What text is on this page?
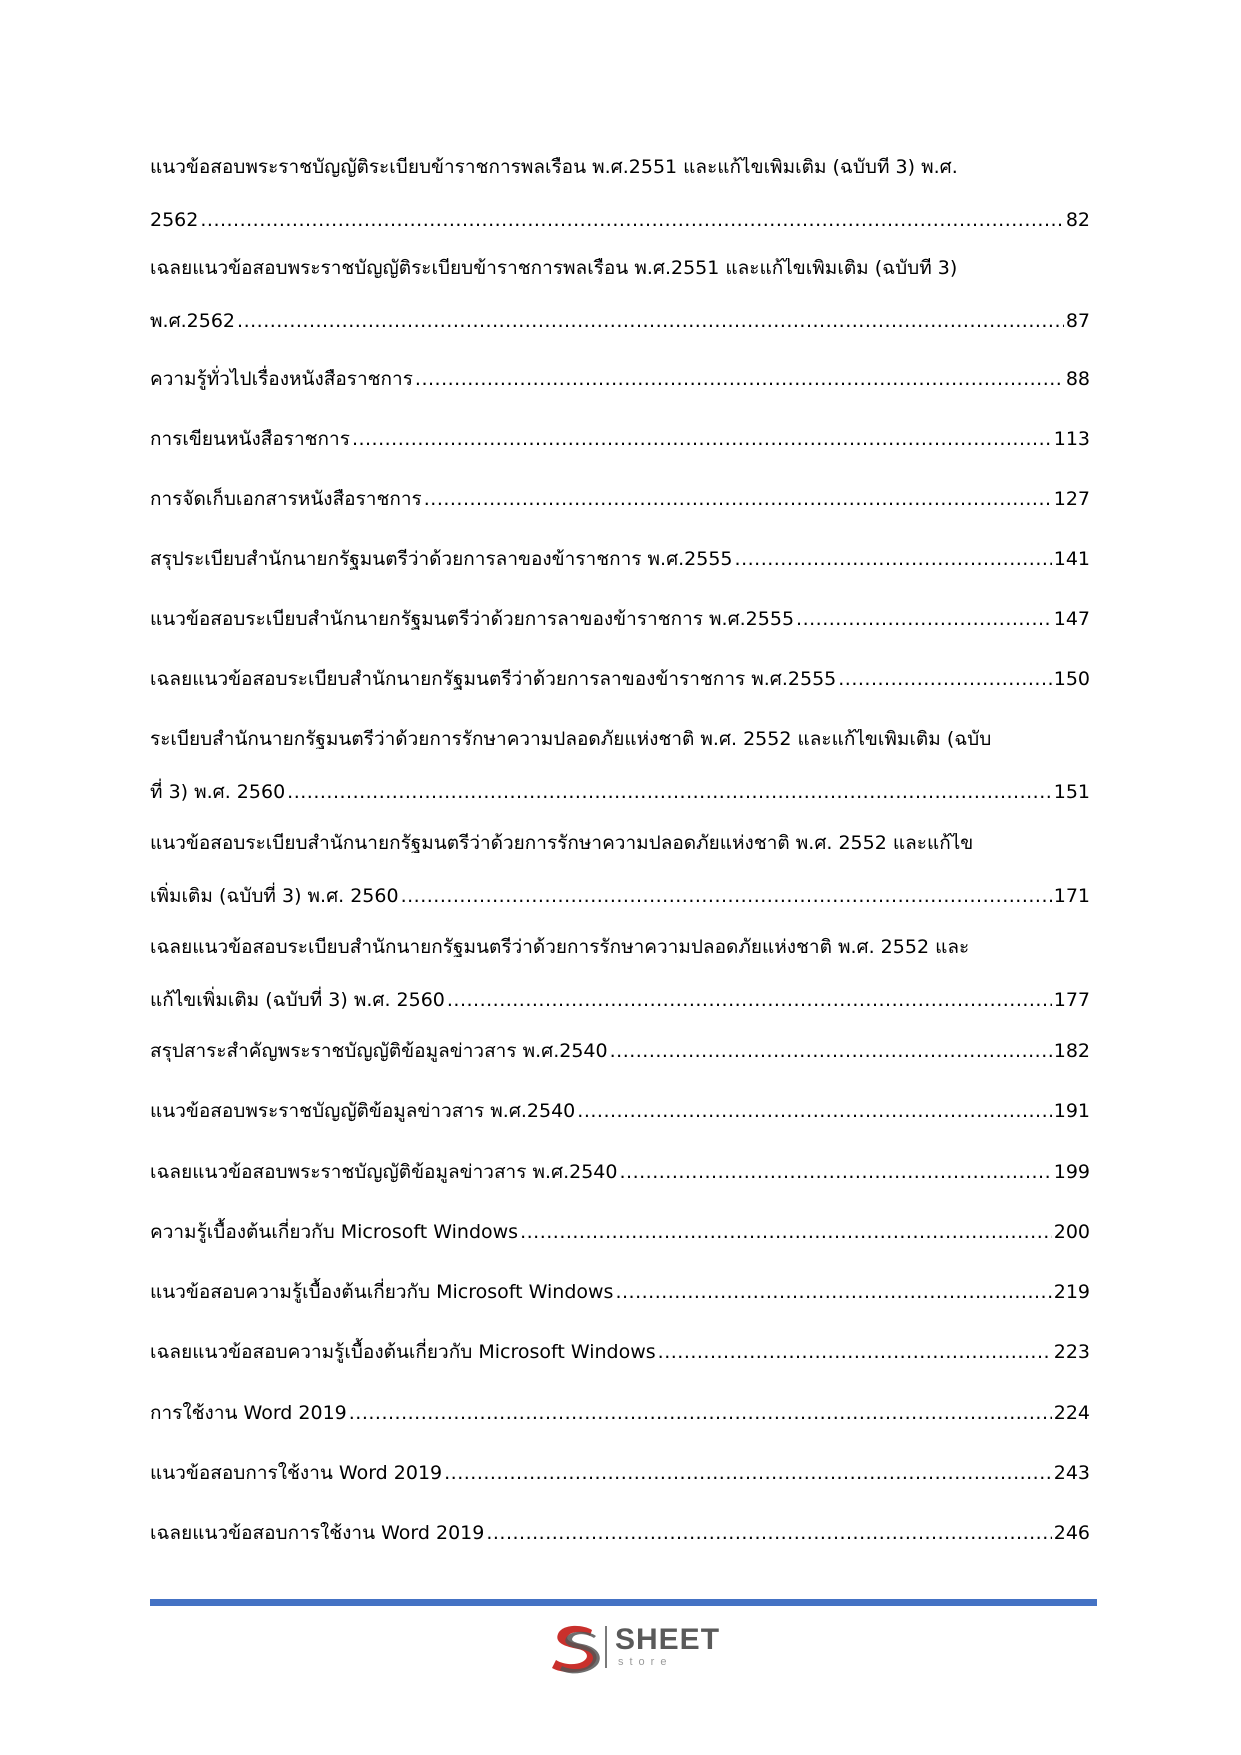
แนวข้อสอบพระราชบัญญัติระเบียบข้าราชการพลเรือน พ.ศ.2551 และแก้ไขเพิ่มเติม (ฉบับที่ 3) พ.ศ.
2562 .....	82
เฉลยแนวข้อสอบพระราชบัญญัติระเบียบข้าราชการพลเรือน พ.ศ.2551 และแก้ไขเพิ่มเติม (ฉบับที่ 3)
พ.ศ.2562 .....	87
ความรู้ทั่วไปเรื่องหนังสือราชการ .....	88
การเขียนหนังสือราชการ .....	113
การจัดเก็บเอกสารหนังสือราชการ .....	127
สรุประเบียบสำนักนายกรัฐมนตรีว่าด้วยการลาของข้าราชการ พ.ศ.2555 .....	141
แนวข้อสอบระเบียบสำนักนายกรัฐมนตรีว่าด้วยการลาของข้าราชการ พ.ศ.2555 .....	147
เฉลยแนวข้อสอบระเบียบสำนักนายกรัฐมนตรีว่าด้วยการลาของข้าราชการ พ.ศ.2555 .....	150
ระเบียบสำนักนายกรัฐมนตรีว่าด้วยการรักษาความปลอดภัยแห่งชาติ พ.ศ. 2552 และแก้ไขเพิ่มเติม (ฉบับ
ที่ 3) พ.ศ. 2560 .....	151
แนวข้อสอบระเบียบสำนักนายกรัฐมนตรีว่าด้วยการรักษาความปลอดภัยแห่งชาติ พ.ศ. 2552 และแก้ไข
เพิ่มเติม (ฉบับที่ 3) พ.ศ. 2560 .....	171
เฉลยแนวข้อสอบระเบียบสำนักนายกรัฐมนตรีว่าด้วยการรักษาความปลอดภัยแห่งชาติ พ.ศ. 2552 และ
แก้ไขเพิ่มเติม (ฉบับที่ 3) พ.ศ. 2560 .....	177
สรุปสาระสำคัญพระราชบัญญัติข้อมูลข่าวสาร พ.ศ.2540 .....	182
แนวข้อสอบพระราชบัญญัติข้อมูลข่าวสาร พ.ศ.2540 .....	191
เฉลยแนวข้อสอบพระราชบัญญัติข้อมูลข่าวสาร พ.ศ.2540 .....	199
ความรู้เบื้องต้นเกี่ยวกับ Microsoft Windows .....	200
แนวข้อสอบความรู้เบื้องต้นเกี่ยวกับ Microsoft Windows .....	219
เฉลยแนวข้อสอบความรู้เบื้องต้นเกี่ยวกับ Microsoft Windows .....	223
การใช้งาน Word 2019 .....	224
แนวข้อสอบการใช้งาน Word 2019 .....	243
เฉลยแนวข้อสอบการใช้งาน Word 2019 .....	246
SHEET
store
